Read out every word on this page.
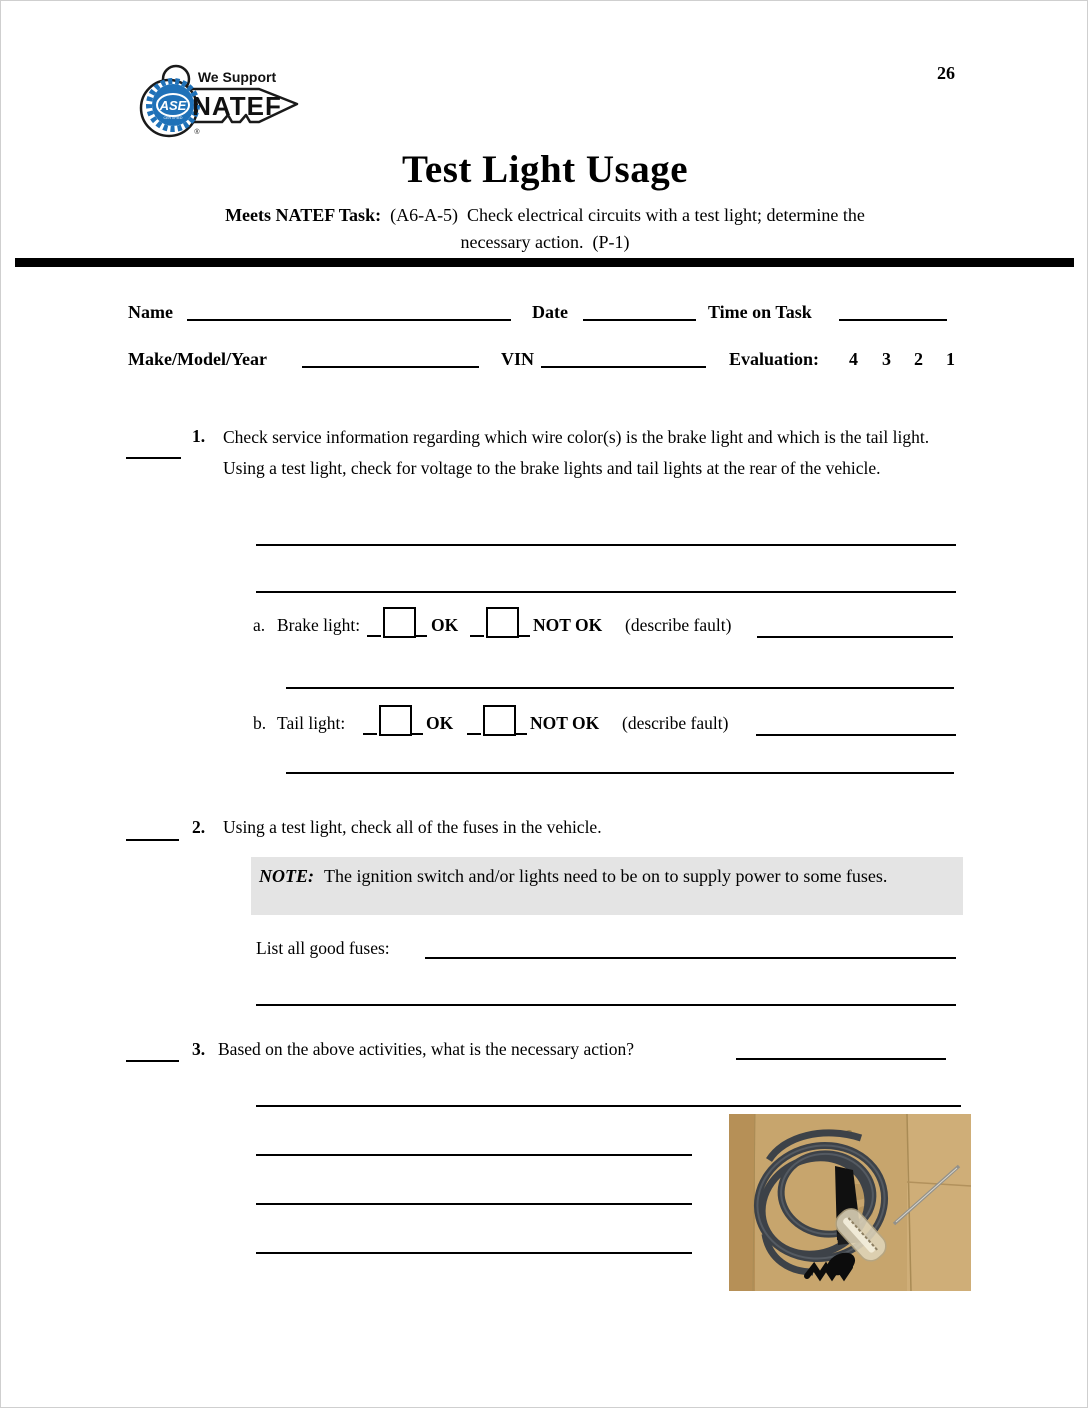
26
ASE
CERTIFIED
We Support
NATEF
®
Test Light Usage
Meets NATEF Task: (A6-A-5)  Check electrical circuits with a test light; determine the
necessary action.  (P-1)
Name	Date	Time on Task
Make/Model/Year	VIN	Evaluation: 4 3 2 1
1. Check service information regarding which wire color(s) is the brake light and which is the tail light.  Using a test light, check for voltage to the brake lights and tail lights at the rear of the vehicle.
a. Brake light:	OK	NOT OK (describe fault)
b. Tail light:	OK	NOT OK (describe fault)
2. Using a test light, check all of the fuses in the vehicle.
NOTE: The ignition switch and/or lights need to be on to supply power to some fuses.
List all good fuses:
3. Based on the above activities, what is the necessary action?
